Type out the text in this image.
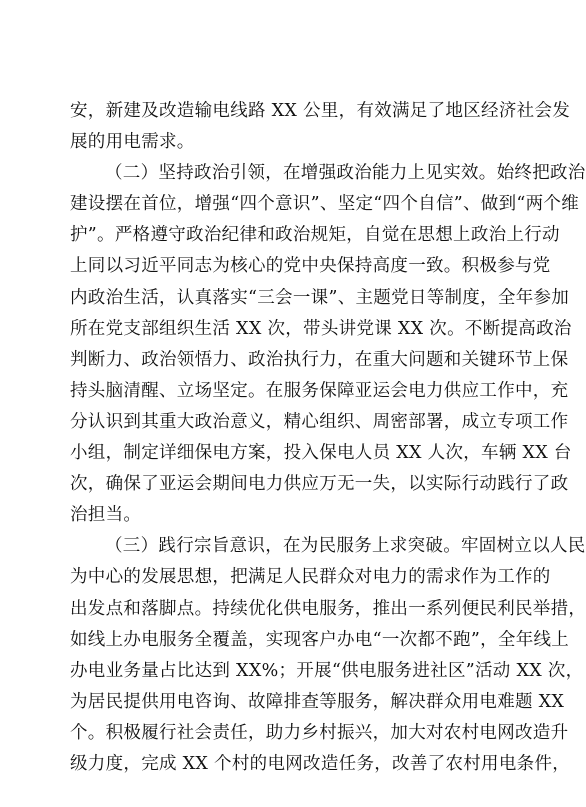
安，新建及改造输电线路 XX 公里，有效满足了地区经济社会发
展的用电需求。
（二）坚持政治引领，在增强政治能力上见实效。始终把政治
建设摆在首位，增强“四个意识”、坚定“四个自信”、做到“两个维
护”。严格遵守政治纪律和政治规矩，自觉在思想上政治上行动
上同以习近平同志为核心的党中央保持高度一致。积极参与党
内政治生活，认真落实“三会一课”、主题党日等制度，全年参加
所在党支部组织生活 XX 次，带头讲党课 XX 次。不断提高政治
判断力、政治领悟力、政治执行力，在重大问题和关键环节上保
持头脑清醒、立场坚定。在服务保障亚运会电力供应工作中，充
分认识到其重大政治意义，精心组织、周密部署，成立专项工作
小组，制定详细保电方案，投入保电人员 XX 人次，车辆 XX 台
次，确保了亚运会期间电力供应万无一失，以实际行动践行了政
治担当。
（三）践行宗旨意识，在为民服务上求突破。牢固树立以人民
为中心的发展思想，把满足人民群众对电力的需求作为工作的
出发点和落脚点。持续优化供电服务，推出一系列便民利民举措，
如线上办电服务全覆盖，实现客户办电“一次都不跑”，全年线上
办电业务量占比达到 XX%；开展“供电服务进社区”活动 XX 次，
为居民提供用电咨询、故障排查等服务，解决群众用电难题 XX
个。积极履行社会责任，助力乡村振兴，加大对农村电网改造升
级力度，完成 XX 个村的电网改造任务，改善了农村用电条件，
